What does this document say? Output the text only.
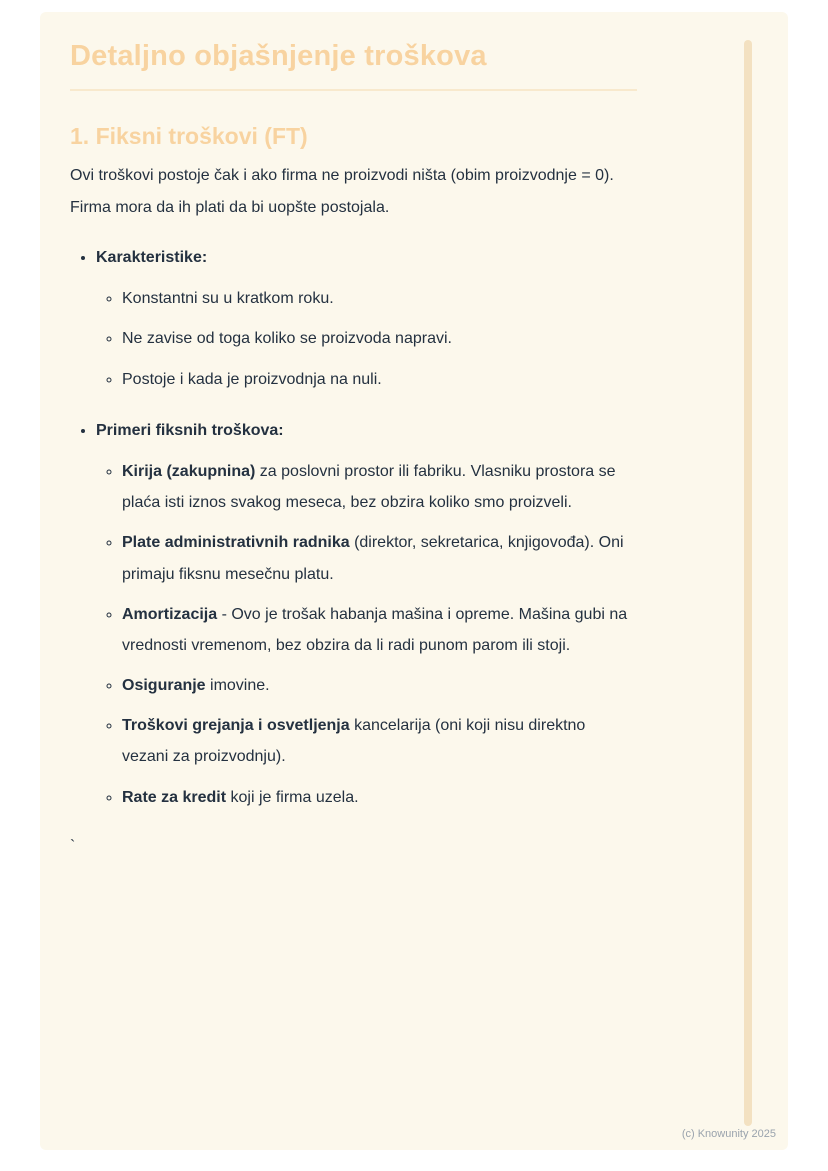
Detaljno objašnjenje troškova
1. Fiksni troškovi (FT)
Ovi troškovi postoje čak i ako firma ne proizvodi ništa (obim proizvodnje = 0).
Firma mora da ih plati da bi uopšte postojala.
• Karakteristike:
◦ Konstantni su u kratkom roku.
◦ Ne zavise od toga koliko se proizvoda napravi.
◦ Postoje i kada je proizvodnja na nuli.
• Primeri fiksnih troškova:
◦ Kirija (zakupnina) za poslovni prostor ili fabriku. Vlasniku prostora se plaća isti iznos svakog meseca, bez obzira koliko smo proizveli.
◦ Plate administrativnih radnika (direktor, sekretarica, knjigovođa). Oni primaju fiksnu mesečnu platu.
◦ Amortizacija - Ovo je trošak habanja mašina i opreme. Mašina gubi na vrednosti vremenom, bez obzira da li radi punom parom ili stoji.
◦ Osiguranje imovine.
◦ Troškovi grejanja i osvetljenja kancelarija (oni koji nisu direktno vezani za proizvodnju).
◦ Rate za kredit koji je firma uzela.
`
(c) Knowunity 2025
